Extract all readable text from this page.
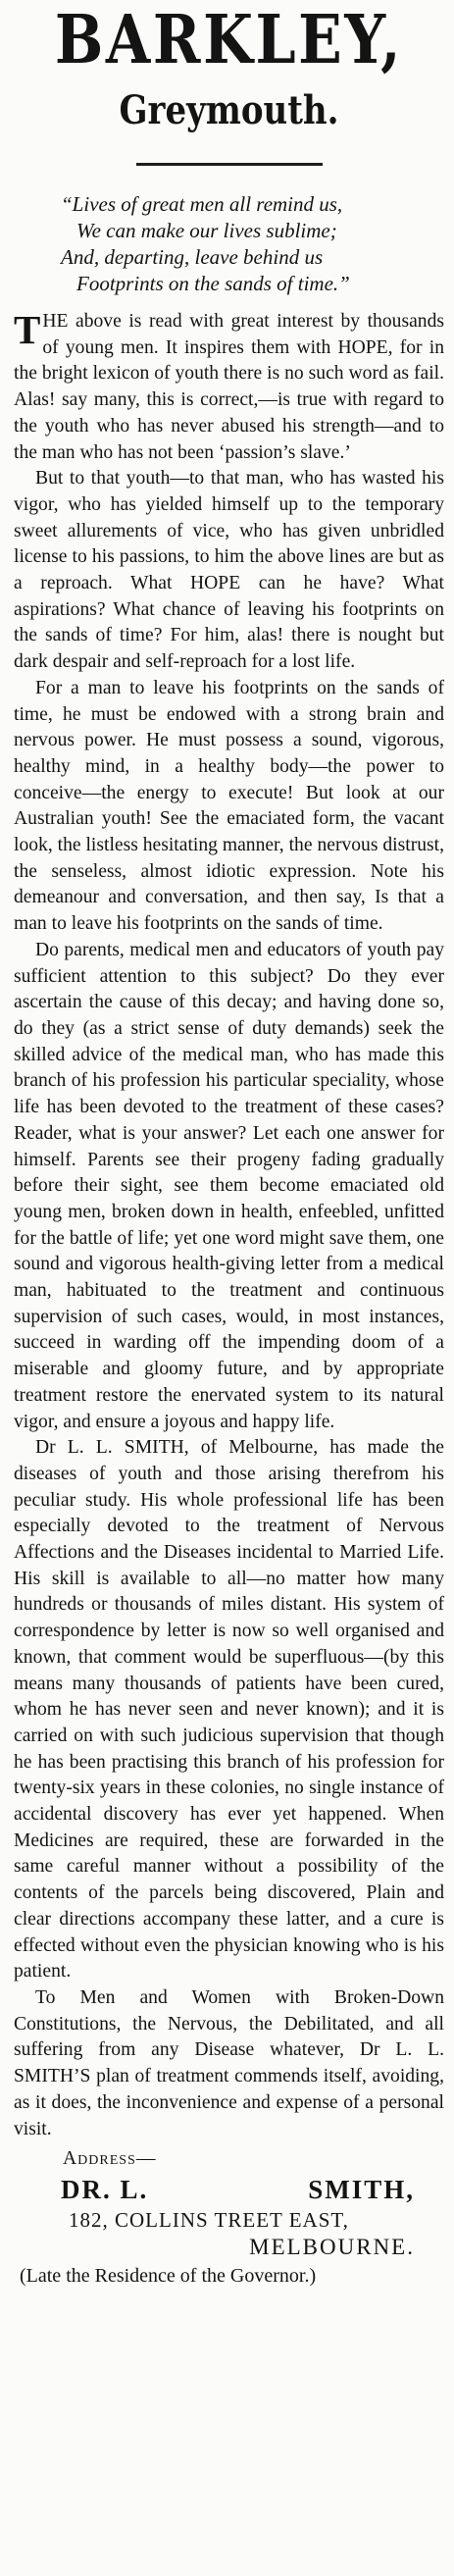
BARKLEY,
Greymouth.
“Lives of great men all remind us,
We can make our lives sublime;
And, departing, leave behind us
Footprints on the sands of time.”

THE above is read with great interest by thousands of young men. It inspires them with HOPE, for in the bright lexicon of youth there is no such word as fail. Alas! say many, this is correct,—is true with regard to the youth who has never abused his strength—and to the man who has not been ‘passion’s slave.’

But to that youth—to that man, who has wasted his vigor, who has yielded himself up to the temporary sweet allurements of vice, who has given unbridled license to his passions, to him the above lines are but as a reproach. What HOPE can he have? What aspirations? What chance of leaving his footprints on the sands of time? For him, alas! there is nought but dark despair and self-reproach for a lost life.

For a man to leave his footprints on the sands of time, he must be endowed with a strong brain and nervous power. He must possess a sound, vigorous, healthy mind, in a healthy body—the power to conceive—the energy to execute! But look at our Australian youth! See the emaciated form, the vacant look, the listless hesitating manner, the nervous distrust, the senseless, almost idiotic expression. Note his demeanour and conversation, and then say, Is that a man to leave his footprints on the sands of time.

Do parents, medical men and educators of youth pay sufficient attention to this subject? Do they ever ascertain the cause of this decay; and having done so, do they (as a strict sense of duty demands) seek the skilled advice of the medical man, who has made this branch of his profession his particular speciality, whose life has been devoted to the treatment of these cases? Reader, what is your answer? Let each one answer for himself. Parents see their progeny fading gradually before their sight, see them become emaciated old young men, broken down in health, enfeebled, unfitted for the battle of life; yet one word might save them, one sound and vigorous health-giving letter from a medical man, habituated to the treatment and continuous supervision of such cases, would, in most instances, succeed in warding off the impending doom of a miserable and gloomy future, and by appropriate treatment restore the enervated system to its natural vigor, and ensure a joyous and happy life.

Dr L. L. SMITH, of Melbourne, has made the diseases of youth and those arising therefrom his peculiar study. His whole professional life has been especially devoted to the treatment of Nervous Affections and the Diseases incidental to Married Life. His skill is available to all—no matter how many hundreds or thousands of miles distant. His system of correspondence by letter is now so well organised and known, that comment would be superfluous—(by this means many thousands of patients have been cured, whom he has never seen and never known); and it is carried on with such judicious supervision that though he has been practising this branch of his profession for twenty-six years in these colonies, no single instance of accidental discovery has ever yet happened. When Medicines are required, these are forwarded in the same careful manner without a possibility of the contents of the parcels being discovered, Plain and clear directions accompany these latter, and a cure is effected without even the physician knowing who is his patient.

To Men and Women with Broken-Down Constitutions, the Nervous, the Debilitated, and all suffering from any Disease whatever, Dr L. L. SMITH’S plan of treatment commends itself, avoiding, as it does, the inconvenience and expense of a personal visit.

Address—
DR. L.	SMITH,
182, COLLINS TREET EAST,
MELBOURNE.
(Late the Residence of the Governor.)
